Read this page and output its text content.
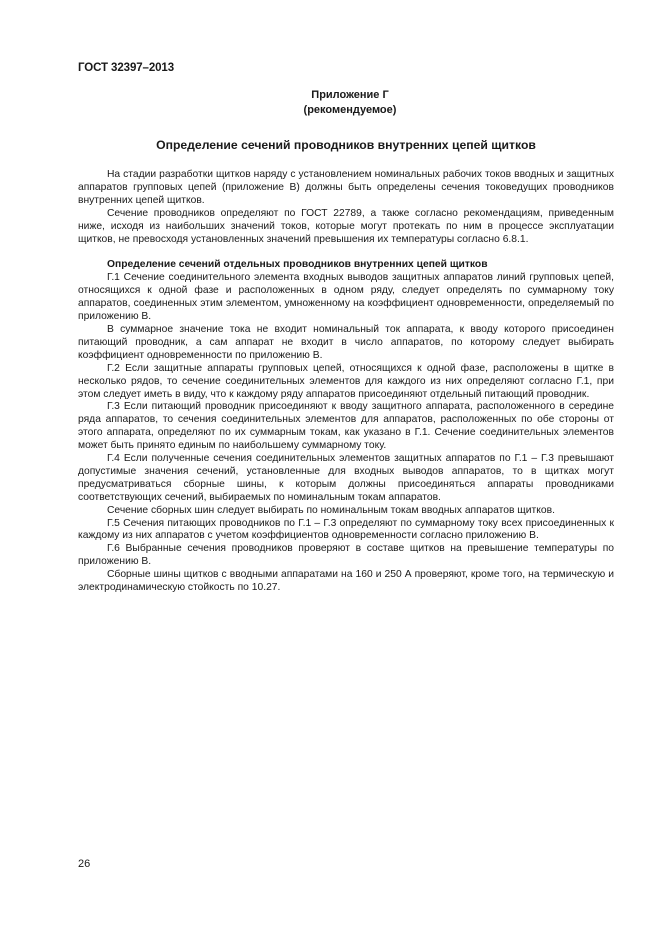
ГОСТ 32397–2013
Приложение Г
(рекомендуемое)
Определение сечений проводников внутренних цепей щитков

На стадии разработки щитков наряду с установлением номинальных рабочих токов вводных и защитных аппаратов групповых цепей (приложение В) должны быть определены сечения токоведущих проводников внутренних цепей щитков.

Сечение проводников определяют по ГОСТ 22789, а также согласно рекомендациям, приведенным ниже, исходя из наибольших значений токов, которые могут протекать по ним в процессе эксплуатации щитков, не превосходя установленных значений превышения их температуры согласно 6.8.1.

Определение сечений отдельных проводников внутренних цепей щитков

Г.1 Сечение соединительного элемента входных выводов защитных аппаратов линий групповых цепей, относящихся к одной фазе и расположенных в одном ряду, следует определять по суммарному току аппаратов, соединенных этим элементом, умноженному на коэффициент одновременности, определяемый по приложению В.

В суммарное значение тока не входит номинальный ток аппарата, к вводу которого присоединен питающий проводник, а сам аппарат не входит в число аппаратов, по которому следует выбирать коэффициент одновременности по приложению В.

Г.2 Если защитные аппараты групповых цепей, относящихся к одной фазе, расположены в щитке в несколько рядов, то сечение соединительных элементов для каждого из них определяют согласно Г.1, при этом следует иметь в виду, что к каждому ряду аппаратов присоединяют отдельный питающий проводник.

Г.3 Если питающий проводник присоединяют к вводу защитного аппарата, расположенного в середине ряда аппаратов, то сечения соединительных элементов для аппаратов, расположенных по обе стороны от этого аппарата, определяют по их суммарным токам, как указано в Г.1. Сечение соединительных элементов может быть принято единым по наибольшему суммарному току.

Г.4 Если полученные сечения соединительных элементов защитных аппаратов по Г.1 – Г.3 превышают допустимые значения сечений, установленные для входных выводов аппаратов, то в щитках могут предусматриваться сборные шины, к которым должны присоединяться аппараты проводниками соответствующих сечений, выбираемых по номинальным токам аппаратов.

Сечение сборных шин следует выбирать по номинальным токам вводных аппаратов щитков.

Г.5 Сечения питающих проводников по Г.1 – Г.3 определяют по суммарному току всех присоединенных к каждому из них аппаратов с учетом коэффициентов одновременности согласно приложению В.

Г.6 Выбранные сечения проводников проверяют в составе щитков на превышение температуры по приложению В.

Сборные шины щитков с вводными аппаратами на 160 и 250 А проверяют, кроме того, на термическую и электродинамическую стойкость по 10.27.

26
